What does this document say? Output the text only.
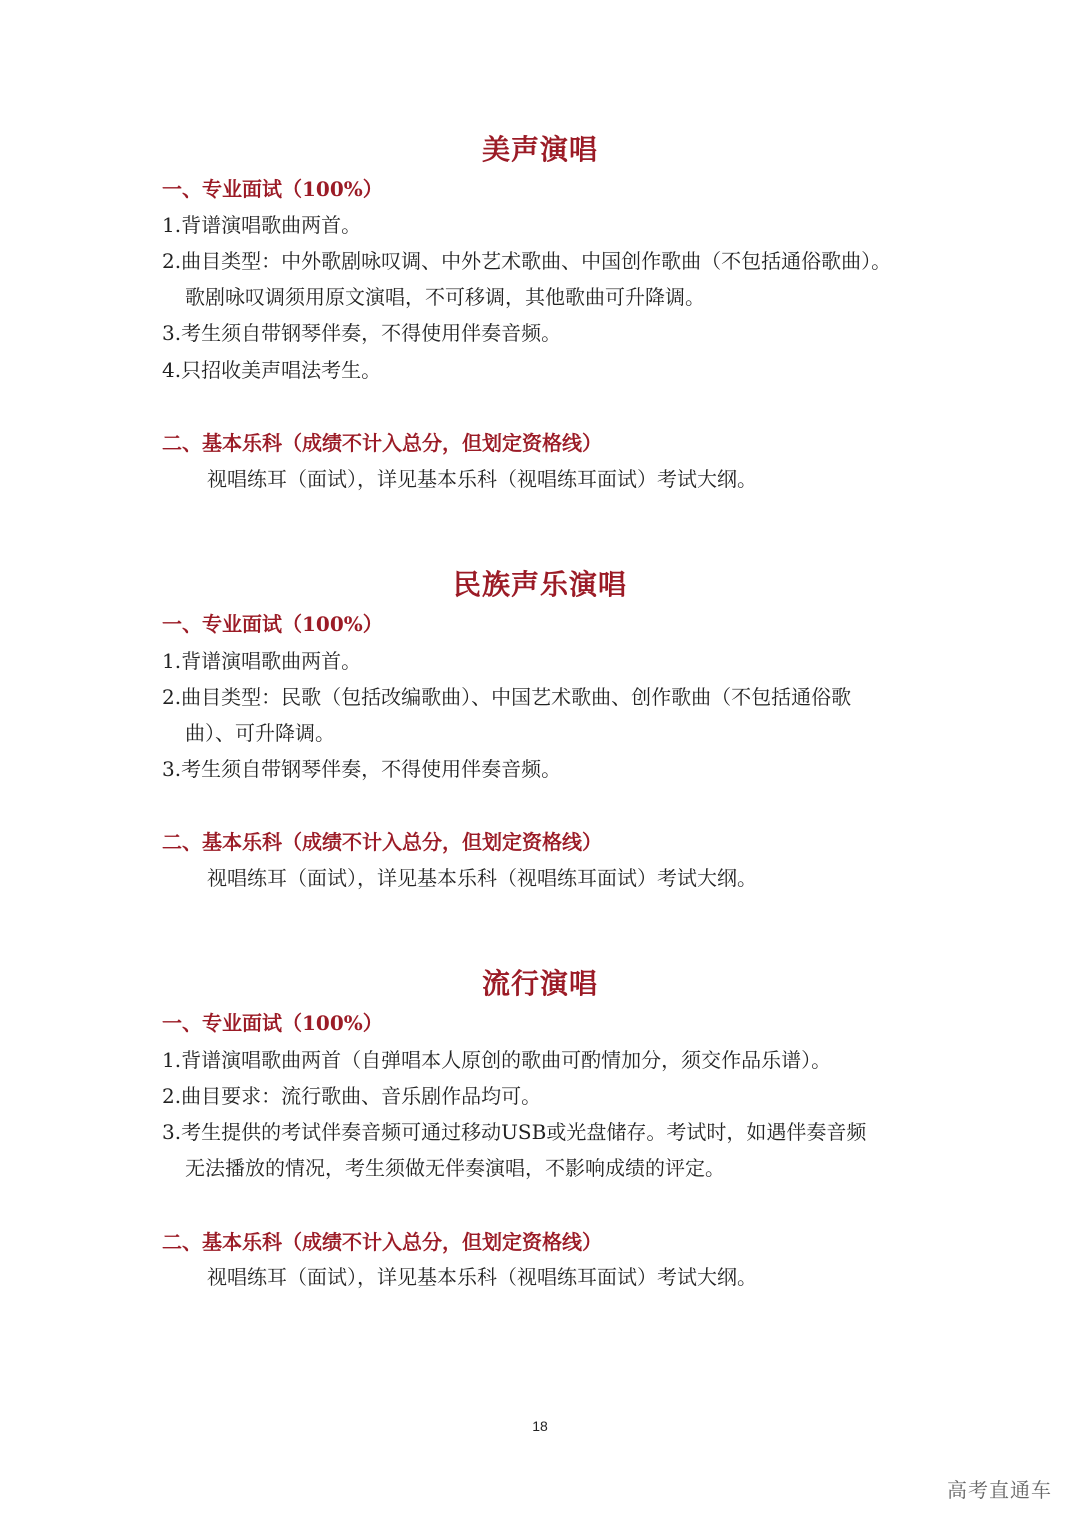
美声演唱
一、专业面试（100%）
1.背谱演唱歌曲两首。
2.曲目类型：中外歌剧咏叹调、中外艺术歌曲、中国创作歌曲（不包括通俗歌曲）。
歌剧咏叹调须用原文演唱，不可移调，其他歌曲可升降调。
3.考生须自带钢琴伴奏，不得使用伴奏音频。
4.只招收美声唱法考生。
二、基本乐科（成绩不计入总分，但划定资格线）
视唱练耳（面试），详见基本乐科（视唱练耳面试）考试大纲。
民族声乐演唱
一、专业面试（100%）
1.背谱演唱歌曲两首。
2.曲目类型：民歌（包括改编歌曲）、中国艺术歌曲、创作歌曲（不包括通俗歌
曲）、可升降调。
3.考生须自带钢琴伴奏，不得使用伴奏音频。
二、基本乐科（成绩不计入总分，但划定资格线）
视唱练耳（面试），详见基本乐科（视唱练耳面试）考试大纲。
流行演唱
一、专业面试（100%）
1.背谱演唱歌曲两首（自弹唱本人原创的歌曲可酌情加分，须交作品乐谱）。
2.曲目要求：流行歌曲、音乐剧作品均可。
3.考生提供的考试伴奏音频可通过移动USB或光盘储存。考试时，如遇伴奏音频
无法播放的情况，考生须做无伴奏演唱，不影响成绩的评定。
二、基本乐科（成绩不计入总分，但划定资格线）
视唱练耳（面试），详见基本乐科（视唱练耳面试）考试大纲。
18
高考直通车
